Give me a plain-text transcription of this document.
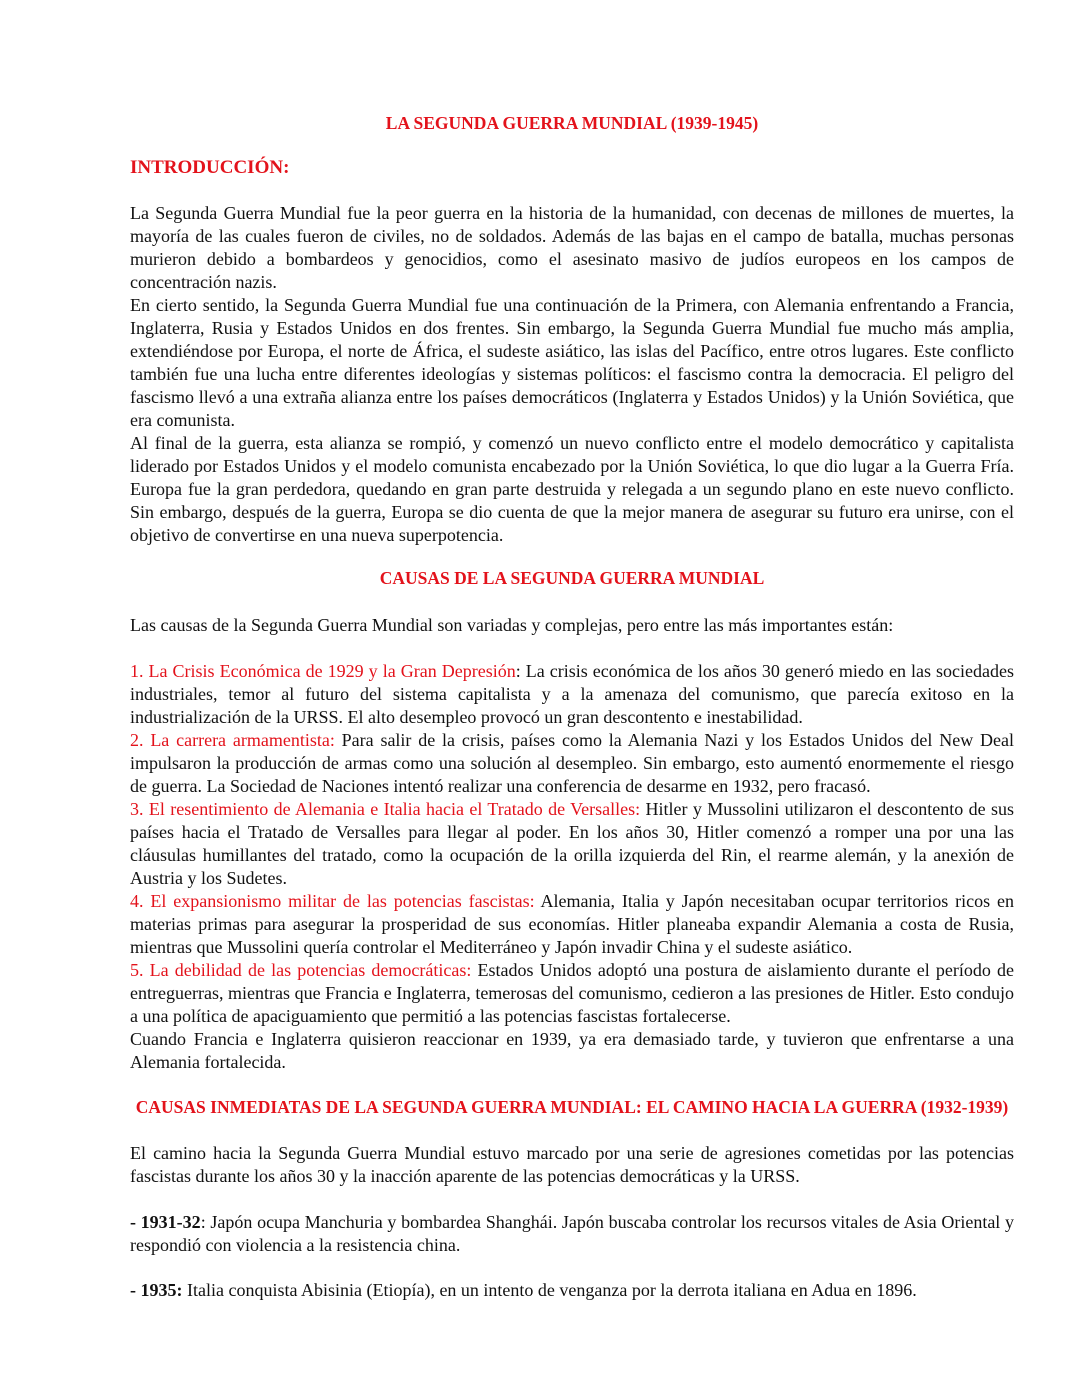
LA SEGUNDA GUERRA MUNDIAL (1939-1945)
INTRODUCCIÓN:

La Segunda Guerra Mundial fue la peor guerra en la historia de la humanidad, con decenas de millones de muertes, la mayoría de las cuales fueron de civiles, no de soldados. Además de las bajas en el campo de batalla, muchas personas murieron debido a bombardeos y genocidios, como el asesinato masivo de judíos europeos en los campos de concentración nazis.

En cierto sentido, la Segunda Guerra Mundial fue una continuación de la Primera, con Alemania enfrentando a Francia, Inglaterra, Rusia y Estados Unidos en dos frentes. Sin embargo, la Segunda Guerra Mundial fue mucho más amplia, extendiéndose por Europa, el norte de África, el sudeste asiático, las islas del Pacífico, entre otros lugares. Este conflicto también fue una lucha entre diferentes ideologías y sistemas políticos: el fascismo contra la democracia. El peligro del fascismo llevó a una extraña alianza entre los países democráticos (Inglaterra y Estados Unidos) y la Unión Soviética, que era comunista.

Al final de la guerra, esta alianza se rompió, y comenzó un nuevo conflicto entre el modelo democrático y capitalista liderado por Estados Unidos y el modelo comunista encabezado por la Unión Soviética, lo que dio lugar a la Guerra Fría. Europa fue la gran perdedora, quedando en gran parte destruida y relegada a un segundo plano en este nuevo conflicto. Sin embargo, después de la guerra, Europa se dio cuenta de que la mejor manera de asegurar su futuro era unirse, con el objetivo de convertirse en una nueva superpotencia.

CAUSAS DE LA SEGUNDA GUERRA MUNDIAL

Las causas de la Segunda Guerra Mundial son variadas y complejas, pero entre las más importantes están:

1. La Crisis Económica de 1929 y la Gran Depresión: La crisis económica de los años 30 generó miedo en las sociedades industriales, temor al futuro del sistema capitalista y a la amenaza del comunismo, que parecía exitoso en la industrialización de la URSS. El alto desempleo provocó un gran descontento e inestabilidad.

2. La carrera armamentista: Para salir de la crisis, países como la Alemania Nazi y los Estados Unidos del New Deal impulsaron la producción de armas como una solución al desempleo. Sin embargo, esto aumentó enormemente el riesgo de guerra. La Sociedad de Naciones intentó realizar una conferencia de desarme en 1932, pero fracasó.

3. El resentimiento de Alemania e Italia hacia el Tratado de Versalles: Hitler y Mussolini utilizaron el descontento de sus países hacia el Tratado de Versalles para llegar al poder. En los años 30, Hitler comenzó a romper una por una las cláusulas humillantes del tratado, como la ocupación de la orilla izquierda del Rin, el rearme alemán, y la anexión de Austria y los Sudetes.

4. El expansionismo militar de las potencias fascistas: Alemania, Italia y Japón necesitaban ocupar territorios ricos en materias primas para asegurar la prosperidad de sus economías. Hitler planeaba expandir Alemania a costa de Rusia, mientras que Mussolini quería controlar el Mediterráneo y Japón invadir China y el sudeste asiático.

5. La debilidad de las potencias democráticas: Estados Unidos adoptó una postura de aislamiento durante el período de entreguerras, mientras que Francia e Inglaterra, temerosas del comunismo, cedieron a las presiones de Hitler. Esto condujo a una política de apaciguamiento que permitió a las potencias fascistas fortalecerse.

Cuando Francia e Inglaterra quisieron reaccionar en 1939, ya era demasiado tarde, y tuvieron que enfrentarse a una Alemania fortalecida.

CAUSAS INMEDIATAS DE LA SEGUNDA GUERRA MUNDIAL: EL CAMINO HACIA LA GUERRA (1932-1939)

El camino hacia la Segunda Guerra Mundial estuvo marcado por una serie de agresiones cometidas por las potencias fascistas durante los años 30 y la inacción aparente de las potencias democráticas y la URSS.

- 1931-32: Japón ocupa Manchuria y bombardea Shanghái. Japón buscaba controlar los recursos vitales de Asia Oriental y respondió con violencia a la resistencia china.

- 1935: Italia conquista Abisinia (Etiopía), en un intento de venganza por la derrota italiana en Adua en 1896.
